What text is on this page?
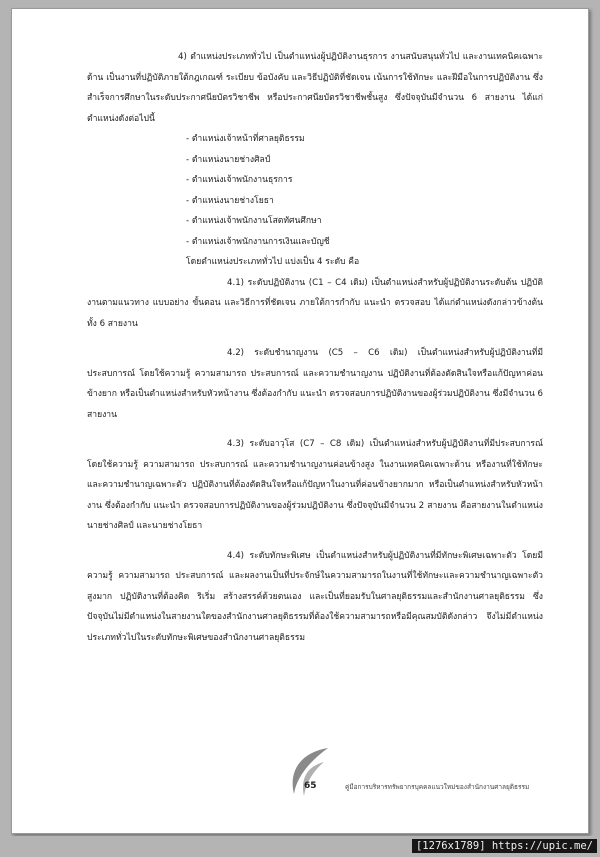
4) ตำแหน่งประเภททั่วไป เป็นตำแหน่งผู้ปฏิบัติงานธุรการ งานสนับสนุนทั่วไป และงานเทคนิคเฉพาะด้าน เป็นงานที่ปฏิบัติภายใต้กฎเกณฑ์ ระเบียบ ข้อบังคับ และวิธีปฏิบัติที่ชัดเจน เน้นการใช้ทักษะ และฝีมือในการปฏิบัติงาน ซึ่งสำเร็จการศึกษาในระดับประกาศนียบัตรวิชาชีพ หรือประกาศนียบัตรวิชาชีพชั้นสูง ซึ่งปัจจุบันมีจำนวน 6 สายงาน ได้แก่ตำแหน่งดังต่อไปนี้

- ตำแหน่งเจ้าหน้าที่ศาลยุติธรรม
- ตำแหน่งนายช่างศิลป์
- ตำแหน่งเจ้าพนักงานธุรการ
- ตำแหน่งนายช่างโยธา
- ตำแหน่งเจ้าพนักงานโสตทัศนศึกษา
- ตำแหน่งเจ้าพนักงานการเงินและบัญชี
โดยตำแหน่งประเภททั่วไป แบ่งเป็น 4 ระดับ คือ

4.1) ระดับปฏิบัติงาน (C1 – C4 เดิม) เป็นตำแหน่งสำหรับผู้ปฏิบัติงานระดับต้น ปฏิบัติงานตามแนวทาง แบบอย่าง ขั้นตอน และวิธีการที่ชัดเจน ภายใต้การกำกับ แนะนำ ตรวจสอบ ได้แก่ตำแหน่งดังกล่าวข้างต้นทั้ง 6 สายงาน

4.2) ระดับชำนาญงาน (C5 – C6 เดิม) เป็นตำแหน่งสำหรับผู้ปฏิบัติงานที่มีประสบการณ์ โดยใช้ความรู้ ความสามารถ ประสบการณ์ และความชำนาญงาน ปฏิบัติงานที่ต้องตัดสินใจหรือแก้ปัญหาค่อนข้างยาก หรือเป็นตำแหน่งสำหรับหัวหน้างาน ซึ่งต้องกำกับ แนะนำ ตรวจสอบการปฏิบัติงานของผู้ร่วมปฏิบัติงาน ซึ่งมีจำนวน 6 สายงาน

4.3) ระดับอาวุโส (C7 – C8 เดิม) เป็นตำแหน่งสำหรับผู้ปฏิบัติงานที่มีประสบการณ์ โดยใช้ความรู้ ความสามารถ ประสบการณ์ และความชำนาญงานค่อนข้างสูง ในงานเทคนิคเฉพาะด้าน หรืองานที่ใช้ทักษะและความชำนาญเฉพาะตัว ปฏิบัติงานที่ต้องตัดสินใจหรือแก้ปัญหาในงานที่ค่อนข้างยากมาก หรือเป็นตำแหน่งสำหรับหัวหน้างาน ซึ่งต้องกำกับ แนะนำ ตรวจสอบการปฏิบัติงานของผู้ร่วมปฏิบัติงาน ซึ่งปัจจุบันมีจำนวน 2 สายงาน คือสายงานในตำแหน่งนายช่างศิลป์ และนายช่างโยธา

4.4) ระดับทักษะพิเศษ เป็นตำแหน่งสำหรับผู้ปฏิบัติงานที่มีทักษะพิเศษเฉพาะตัว โดยมีความรู้ ความสามารถ ประสบการณ์ และผลงานเป็นที่ประจักษ์ในความสามารถในงานที่ใช้ทักษะและความชำนาญเฉพาะตัวสูงมาก ปฏิบัติงานที่ต้องคิด ริเริ่ม สร้างสรรค์ด้วยตนเอง และเป็นที่ยอมรับในศาลยุติธรรมและสำนักงานศาลยุติธรรม ซึ่งปัจจุบันไม่มีตำแหน่งในสายงานใดของสำนักงานศาลยุติธรรมที่ต้องใช้ความสามารถหรือมีคุณสมบัติดังกล่าว จึงไม่มีตำแหน่งประเภททั่วไปในระดับทักษะพิเศษของสำนักงานศาลยุติธรรม

65	คู่มือการบริหารทรัพยากรบุคคลแนวใหม่ของสำนักงานศาลยุติธรรม
[1276x1789] https://upic.me/
